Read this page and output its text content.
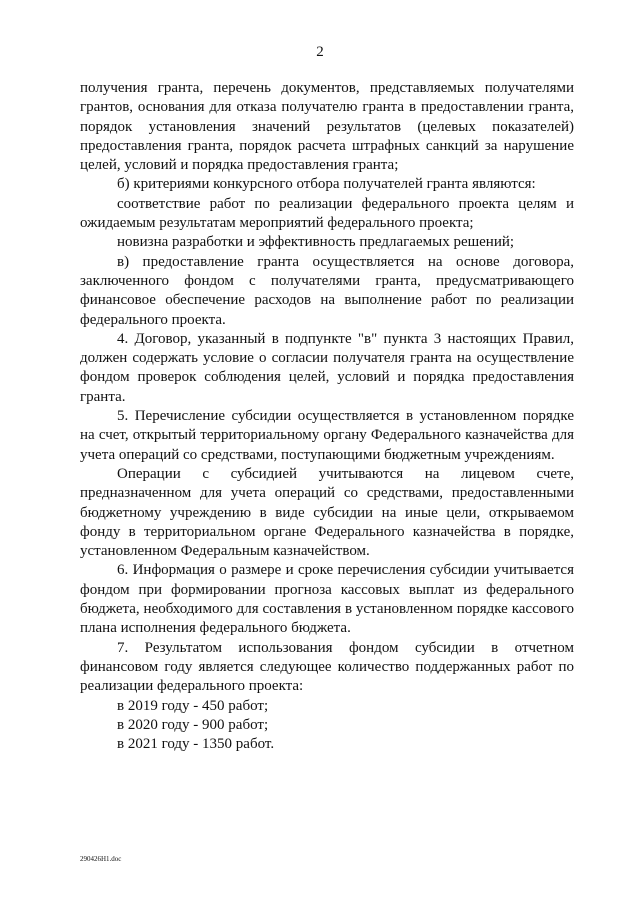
2

получения гранта, перечень документов, представляемых получателями грантов, основания для отказа получателю гранта в предоставлении гранта, порядок установления значений результатов (целевых показателей) предоставления гранта, порядок расчета штрафных санкций за нарушение целей, условий и порядка предоставления гранта;

б) критериями конкурсного отбора получателей гранта являются:

соответствие работ по реализации федерального проекта целям и ожидаемым результатам мероприятий федерального проекта;

новизна разработки и эффективность предлагаемых решений;

в) предоставление гранта осуществляется на основе договора, заключенного фондом с получателями гранта, предусматривающего финансовое обеспечение расходов на выполнение работ по реализации федерального проекта.

4. Договор, указанный в подпункте "в" пункта 3 настоящих Правил, должен содержать условие о согласии получателя гранта на осуществление фондом проверок соблюдения целей, условий и порядка предоставления гранта.

5. Перечисление субсидии осуществляется в установленном порядке на счет, открытый территориальному органу Федерального казначейства для учета операций со средствами, поступающими бюджетным учреждениям.

Операции с субсидией учитываются на лицевом счете, предназначенном для учета операций со средствами, предоставленными бюджетному учреждению в виде субсидии на иные цели, открываемом фонду в территориальном органе Федерального казначейства в порядке, установленном Федеральным казначейством.

6. Информация о размере и сроке перечисления субсидии учитывается фондом при формировании прогноза кассовых выплат из федерального бюджета, необходимого для составления в установленном порядке кассового плана исполнения федерального бюджета.

7. Результатом использования фондом субсидии в отчетном финансовом году является следующее количество поддержанных работ по реализации федерального проекта:

в 2019 году - 450 работ;

в 2020 году - 900 работ;

в 2021 году - 1350 работ.

290426H1.doc
